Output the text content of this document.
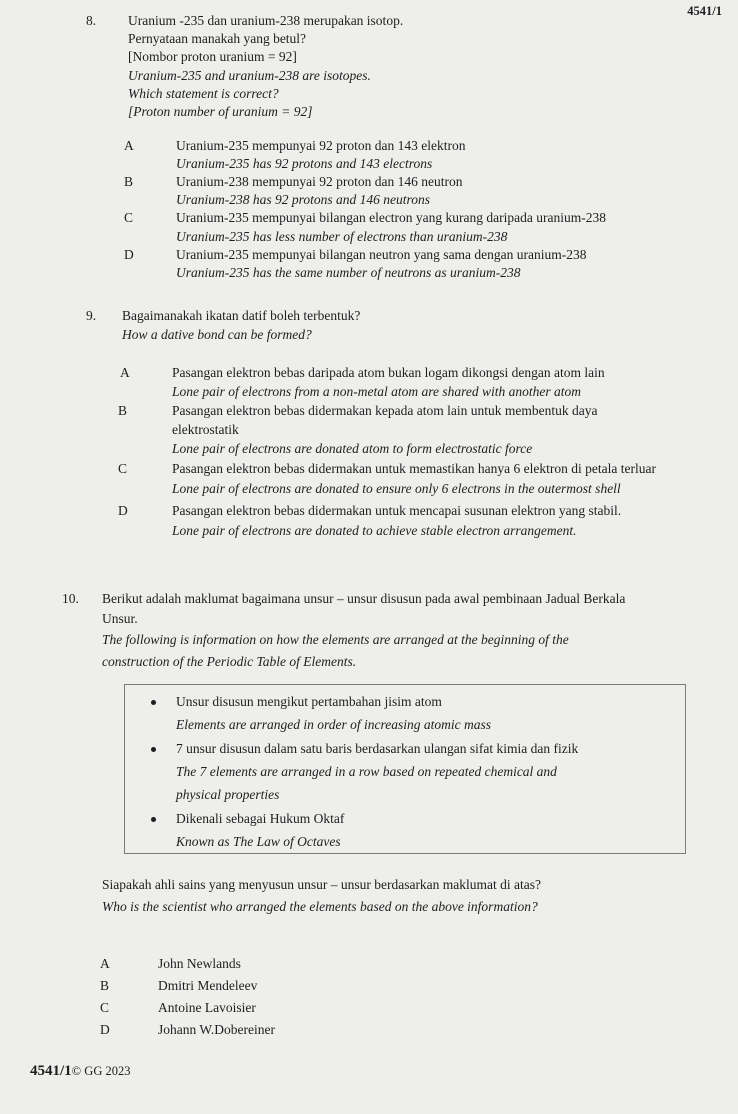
4541/1
8. Uranium -235 dan uranium-238 merupakan isotop.
Pernyataan manakah yang betul?
[Nombor proton uranium = 92]
Uranium-235 and uranium-238 are isotopes.
Which statement is correct?
[Proton number of uranium = 92]
A	Uranium-235 mempunyai 92 proton dan 143 elektron
Uranium-235 has 92 protons and 143 electrons
B	Uranium-238 mempunyai 92 proton dan 146 neutron
Uranium-238 has 92 protons and 146 neutrons
C	Uranium-235 mempunyai bilangan electron yang kurang daripada uranium-238
Uranium-235 has less number of electrons than uranium-238
D	Uranium-235 mempunyai bilangan neutron yang sama dengan uranium-238
Uranium-235 has the same number of neutrons as uranium-238
9. Bagaimanakah ikatan datif boleh terbentuk?
How a dative bond can be formed?
A	Pasangan elektron bebas daripada atom bukan logam dikongsi dengan atom lain
Lone pair of electrons from a non-metal atom are shared with another atom
B	Pasangan elektron bebas didermakan kepada atom lain untuk membentuk daya
elektrostatik
Lone pair of electrons are donated atom to form electrostatic force
C	Pasangan elektron bebas didermakan untuk memastikan hanya 6 elektron di petala terluar
Lone pair of electrons are donated to ensure only 6 electrons in the outermost shell
D	Pasangan elektron bebas didermakan untuk mencapai susunan elektron yang stabil.
Lone pair of electrons are donated to achieve stable electron arrangement.
10. Berikut adalah maklumat bagaimana unsur – unsur disusun pada awal pembinaan Jadual Berkala
Unsur.
The following is information on how the elements are arranged at the beginning of the
construction of the Periodic Table of Elements.
Unsur disusun mengikut pertambahan jisim atom
Elements are arranged in order of increasing atomic mass
7 unsur disusun dalam satu baris berdasarkan ulangan sifat kimia dan fizik
The 7 elements are arranged in a row based on repeated chemical and
physical properties
Dikenali sebagai Hukum Oktaf
Known as The Law of Octaves
Siapakah ahli sains yang menyusun unsur – unsur berdasarkan maklumat di atas?
Who is the scientist who arranged the elements based on the above information?
A	John Newlands
B	Dmitri Mendeleev
C	Antoine Lavoisier
D	Johann W.Dobereiner
4541/1© GG 2023
